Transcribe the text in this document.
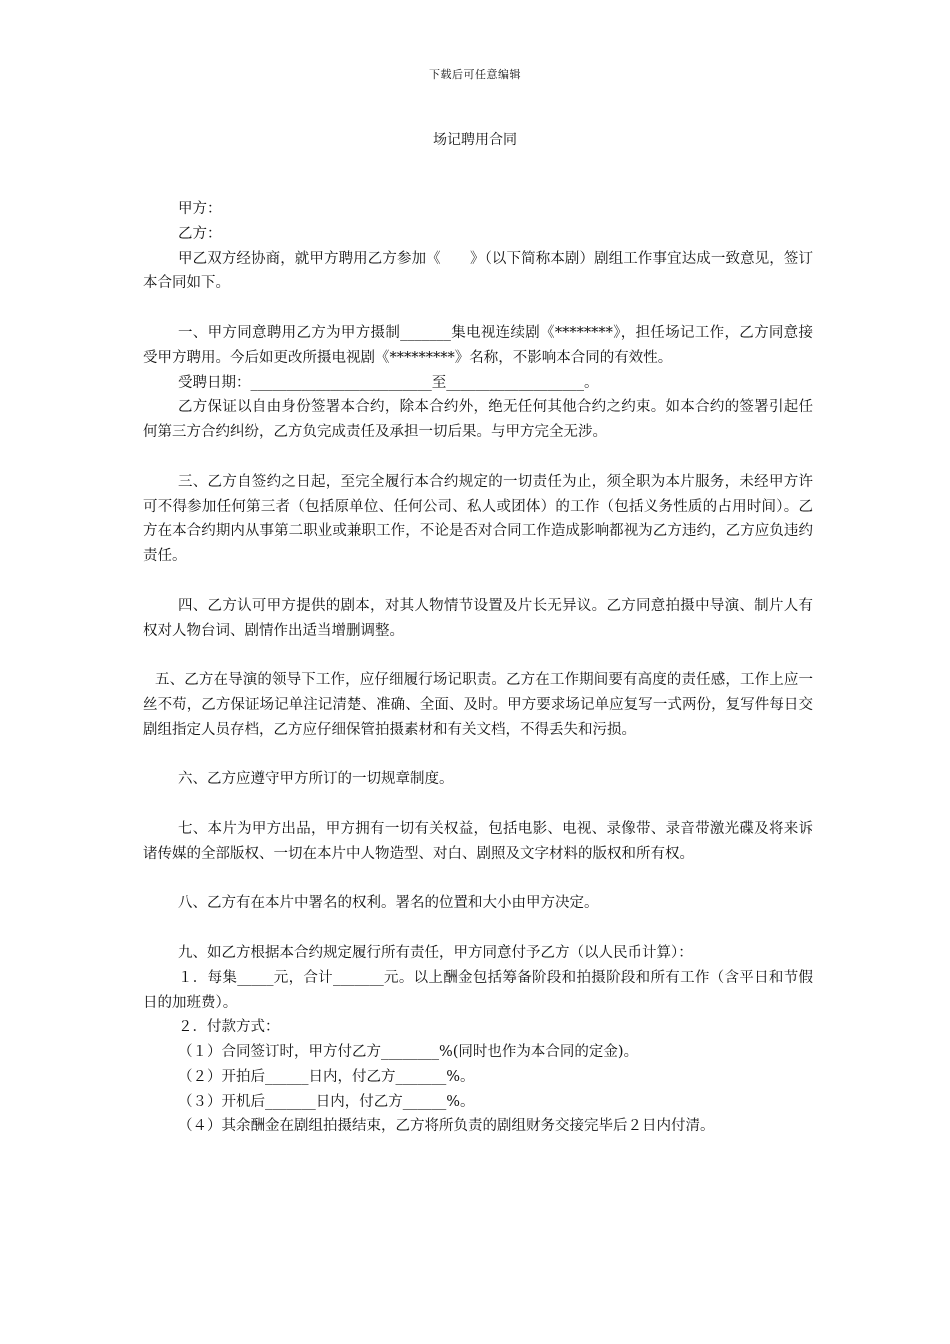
下载后可任意编辑
场记聘用合同

甲方：

乙方：

甲乙双方经协商，就甲方聘用乙方参加《　　》（以下简称本剧）剧组工作事宜达成一致意见，签订本合同如下。

一、甲方同意聘用乙方为甲方摄制_______集电视连续剧《********》，担任场记工作，乙方同意接受甲方聘用。今后如更改所摄电视剧《*********》名称，不影响本合同的有效性。

受聘日期：_________________________至___________________。

乙方保证以自由身份签署本合约，除本合约外，绝无任何其他合约之约束。如本合约的签署引起任何第三方合约纠纷，乙方负完成责任及承担一切后果。与甲方完全无涉。

三、乙方自签约之日起，至完全履行本合约规定的一切责任为止，须全职为本片服务，未经甲方许可不得参加任何第三者（包括原单位、任何公司、私人或团体）的工作（包括义务性质的占用时间）。乙方在本合约期内从事第二职业或兼职工作，不论是否对合同工作造成影响都视为乙方违约，乙方应负违约责任。

四、乙方认可甲方提供的剧本，对其人物情节设置及片长无异议。乙方同意拍摄中导演、制片人有权对人物台词、剧情作出适当增删调整。

五、乙方在导演的领导下工作，应仔细履行场记职责。乙方在工作期间要有高度的责任感，工作上应一丝不苟，乙方保证场记单注记清楚、准确、全面、及时。甲方要求场记单应复写一式两份，复写件每日交剧组指定人员存档，乙方应仔细保管拍摄素材和有关文档，不得丢失和污损。

六、乙方应遵守甲方所订的一切规章制度。

七、本片为甲方出品，甲方拥有一切有关权益，包括电影、电视、录像带、录音带激光碟及将来诉诸传媒的全部版权、一切在本片中人物造型、对白、剧照及文字材料的版权和所有权。

八、乙方有在本片中署名的权利。署名的位置和大小由甲方决定。

九、如乙方根据本合约规定履行所有责任，甲方同意付予乙方（以人民币计算）：

１．每集_____元，合计_______元。以上酬金包括筹备阶段和拍摄阶段和所有工作（含平日和节假日的加班费）。

２．付款方式：

（１）合同签订时，甲方付乙方________%(同时也作为本合同的定金)。

（２）开拍后______日内，付乙方_______%。

（３）开机后_______日内，付乙方______%。

（４）其余酬金在剧组拍摄结束，乙方将所负责的剧组财务交接完毕后２日内付清。
